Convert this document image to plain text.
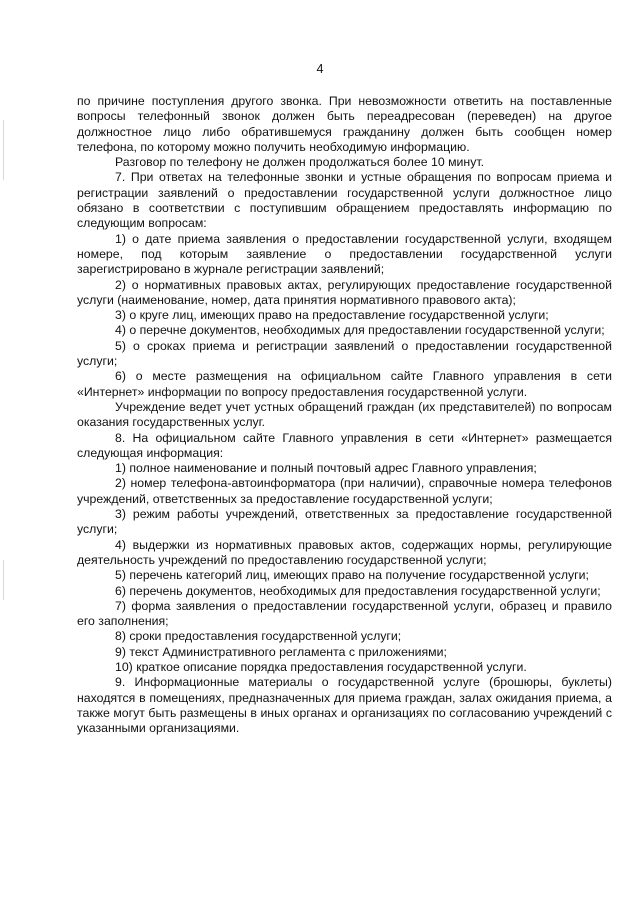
4

по причине поступления другого звонка. При невозможности ответить на поставленные вопросы телефонный звонок должен быть переадресован (переведен) на другое должностное лицо либо обратившемуся гражданину должен быть сообщен номер телефона, по которому можно получить необходимую информацию.

Разговор по телефону не должен продолжаться более 10 минут.

7. При ответах на телефонные звонки и устные обращения по вопросам приема и регистрации заявлений о предоставлении государственной услуги должностное лицо обязано в соответствии с поступившим обращением предоставлять информацию по следующим вопросам:

1) о дате приема заявления о предоставлении государственной услуги, входящем номере, под которым заявление о предоставлении государственной услуги зарегистрировано в журнале регистрации заявлений;

2) о нормативных правовых актах, регулирующих предоставление государственной услуги (наименование, номер, дата принятия нормативного правового акта);

3) о круге лиц, имеющих право на предоставление государственной услуги;

4) о перечне документов, необходимых для предоставлении государственной услуги;

5) о сроках приема и регистрации заявлений о предоставлении государственной услуги;

6) о месте размещения на официальном сайте Главного управления в сети «Интернет» информации по вопросу предоставления государственной услуги.

Учреждение ведет учет устных обращений граждан (их представителей) по вопросам оказания государственных услуг.

8. На официальном сайте Главного управления в сети «Интернет» размещается следующая информация:

1) полное наименование и полный почтовый адрес Главного управления;

2) номер телефона-автоинформатора (при наличии), справочные номера телефонов учреждений, ответственных за предоставление государственной услуги;

3) режим работы учреждений, ответственных за предоставление государственной услуги;

4) выдержки из нормативных правовых актов, содержащих нормы, регулирующие деятельность учреждений по предоставлению государственной услуги;

5) перечень категорий лиц, имеющих право на получение государственной услуги;

6) перечень документов, необходимых для предоставления государственной услуги;

7) форма заявления о предоставлении государственной услуги, образец и правило его заполнения;

8) сроки предоставления государственной услуги;

9) текст Административного регламента с приложениями;

10) краткое описание порядка предоставления государственной услуги.

9. Информационные материалы о государственной услуге (брошюры, буклеты) находятся в помещениях, предназначенных для приема граждан, залах ожидания приема, а также могут быть размещены в иных органах и организациях по согласованию учреждений с указанными организациями.
